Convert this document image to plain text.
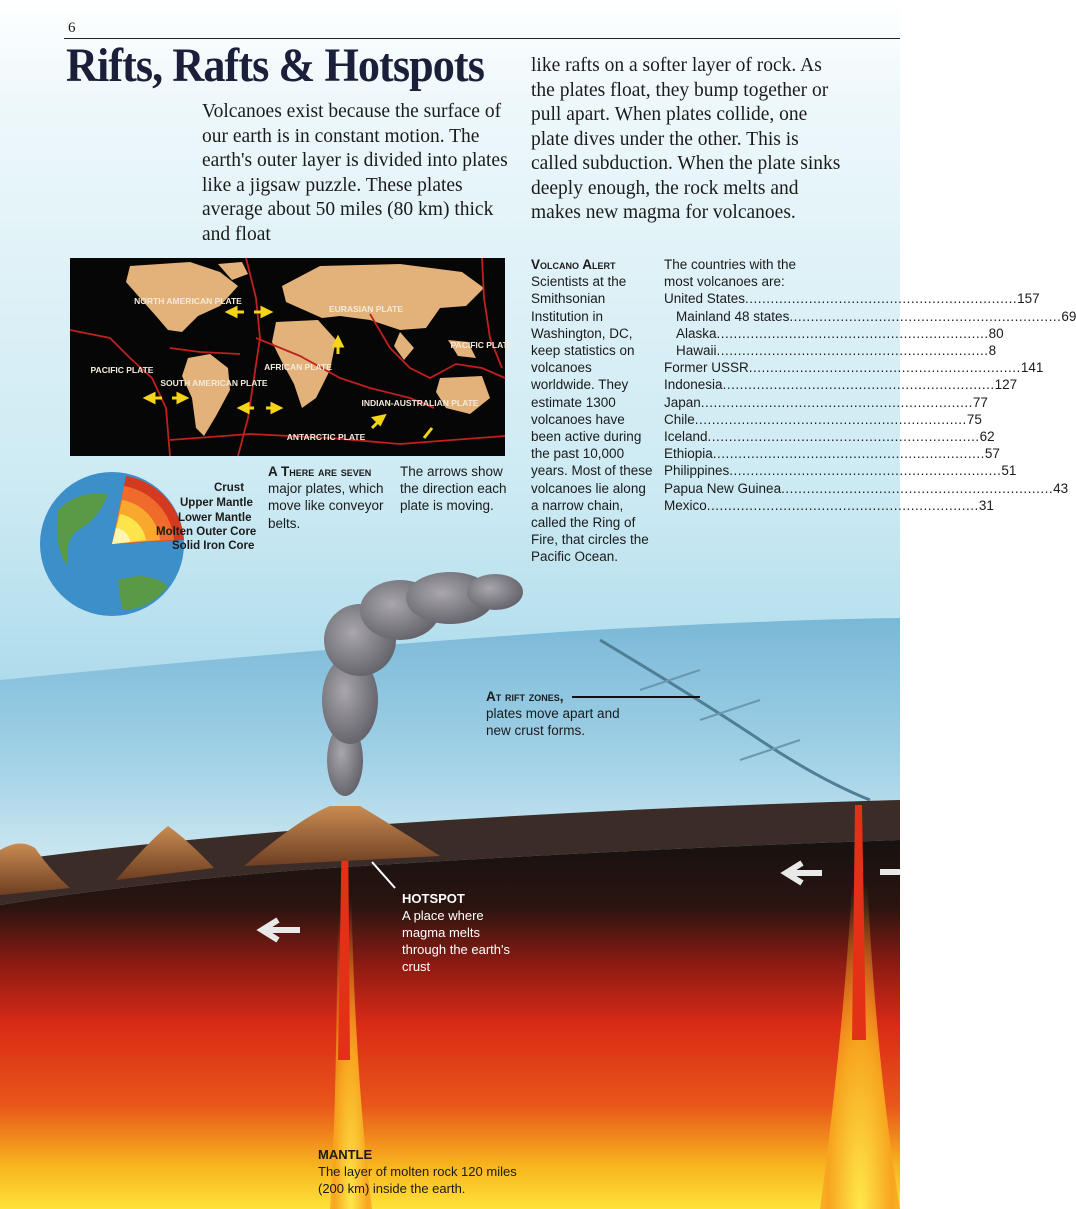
6
Rifts, Rafts & Hotspots

Volcanoes exist because the surface of our earth is in constant motion. The earth's outer layer is divided into plates like a jigsaw puzzle. These plates average about 50 miles (80 km) thick and float

like rafts on a softer layer of rock. As the plates float, they bump together or pull apart. When plates collide, one plate dives under the other. This is called subduction. When the plate sinks deeply enough, the rock melts and makes new magma for volcanoes.

NORTH AMERICAN PLATE
EURASIAN PLATE
PACIFIC PLATE
PACIFIC PLATE
SOUTH AMERICAN PLATE
AFRICAN PLATE
INDIAN-AUSTRALIAN PLATE
ANTARCTIC PLATE
A There are seven major plates, which move like conveyor belts.
The arrows show the direction each plate is moving.
Volcano Alert
Scientists at the Smithsonian Institution in Washington, DC, keep statistics on volcanoes worldwide. They estimate 1300 volcanoes have been active during the past 10,000 years. Most of these volcanoes lie along a narrow chain, called the Ring of Fire, that circles the Pacific Ocean.
The countries with the most volcanoes are:
United States .....	157
Mainland 48 states .....	69
Alaska .....	80
Hawaii .....	8
Former USSR .....	141
Indonesia .....	127
Japan .....	77
Chile .....	75
Iceland .....	62
Ethiopia .....	57
Philippines .....	51
Papua New Guinea .....	43
Mexico .....	31
Crust
Upper Mantle
Lower Mantle
Molten Outer Core
Solid Iron Core
At rift zones,
plates move apart and new crust forms.
HOTSPOT
A place where magma melts through the earth's crust
MANTLE
The layer of molten rock 120 miles (200 km) inside the earth.
